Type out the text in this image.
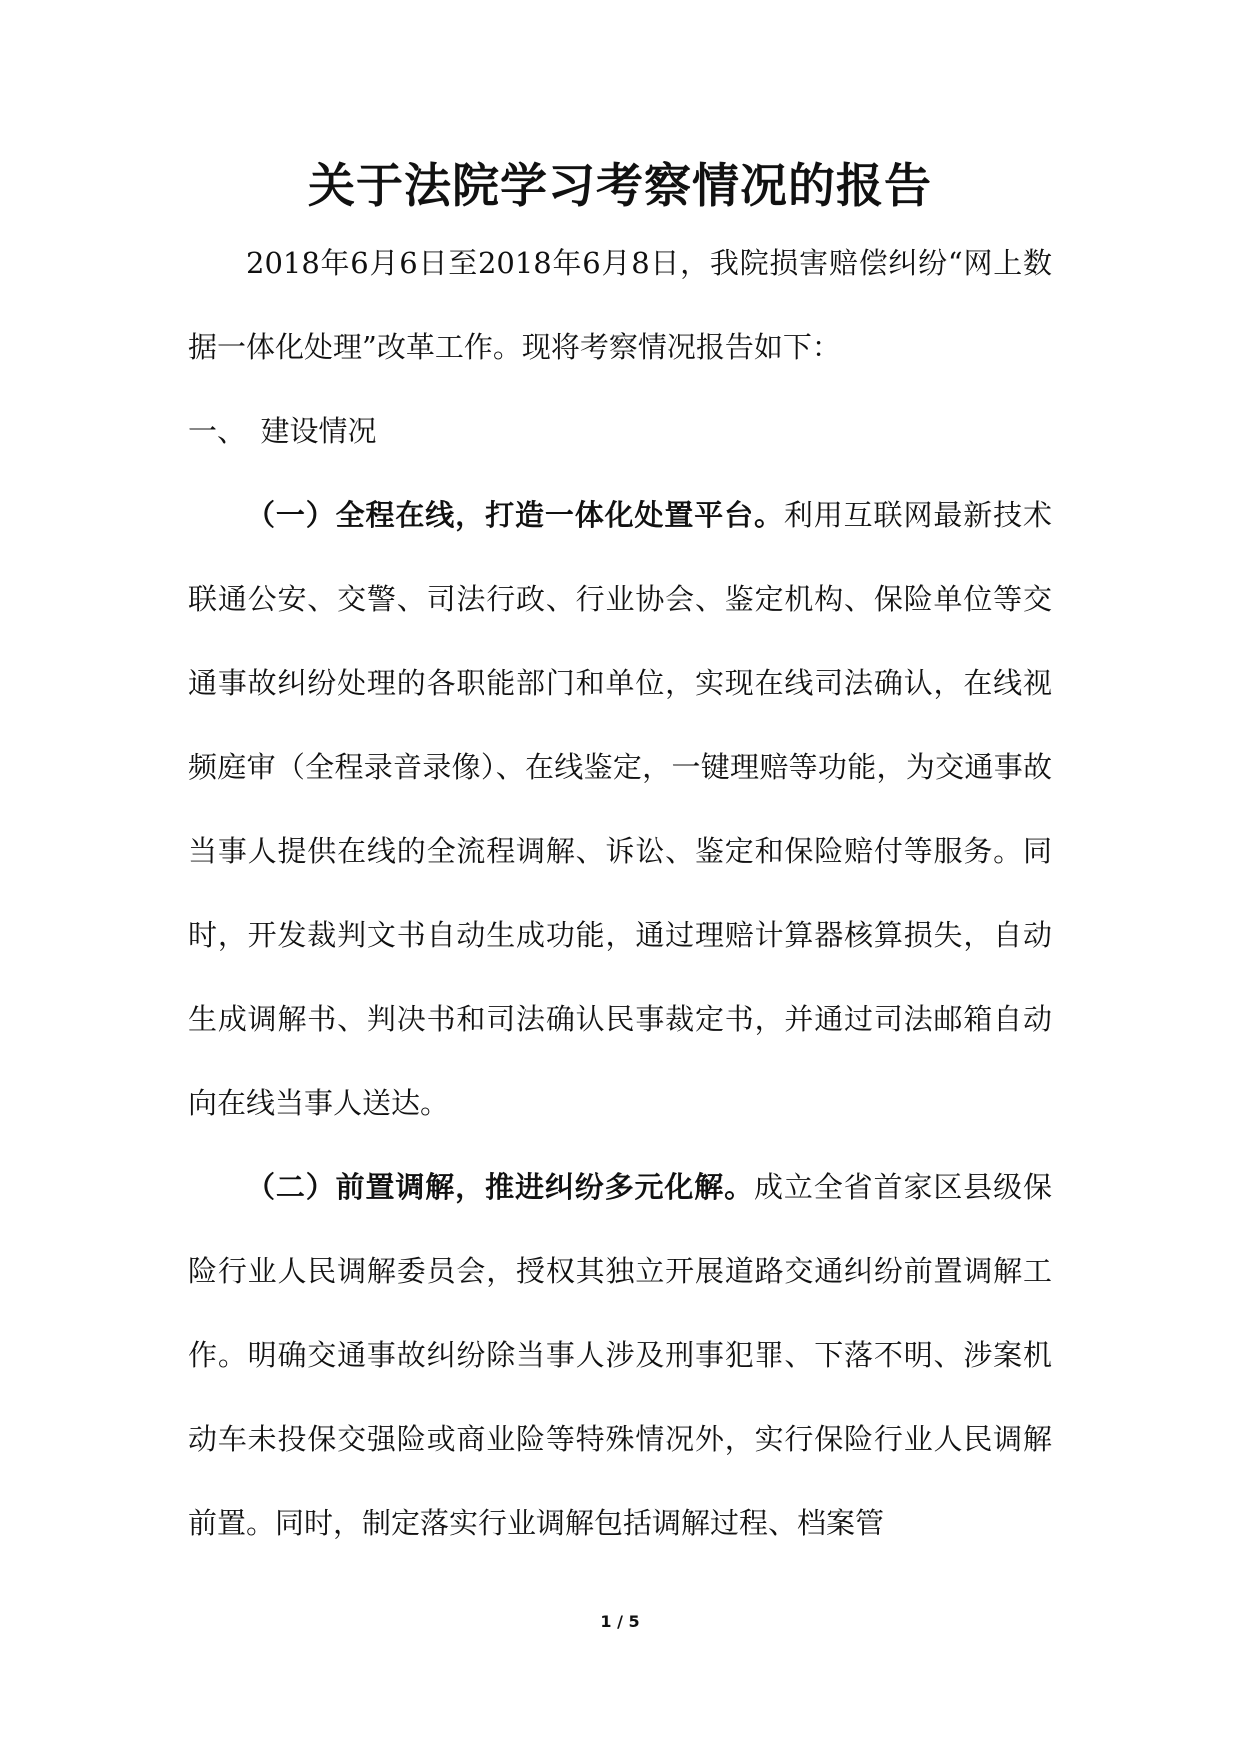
关于法院学习考察情况的报告

2018年6月6日至2018年6月8日，我院损害赔偿纠纷“网上数据一体化处理”改革工作。现将考察情况报告如下：

一、　建设情况

（一）全程在线，打造一体化处置平台。利用互联网最新技术联通公安、交警、司法行政、行业协会、鉴定机构、保险单位等交通事故纠纷处理的各职能部门和单位，实现在线司法确认，在线视频庭审（全程录音录像）、在线鉴定，一键理赔等功能，为交通事故当事人提供在线的全流程调解、诉讼、鉴定和保险赔付等服务。同时，开发裁判文书自动生成功能，通过理赔计算器核算损失，自动生成调解书、判决书和司法确认民事裁定书，并通过司法邮箱自动向在线当事人送达。

（二）前置调解，推进纠纷多元化解。成立全省首家区县级保险行业人民调解委员会，授权其独立开展道路交通纠纷前置调解工作。明确交通事故纠纷除当事人涉及刑事犯罪、下落不明、涉案机动车未投保交强险或商业险等特殊情况外，实行保险行业人民调解前置。同时，制定落实行业调解包括调解过程、档案管

1 / 5
